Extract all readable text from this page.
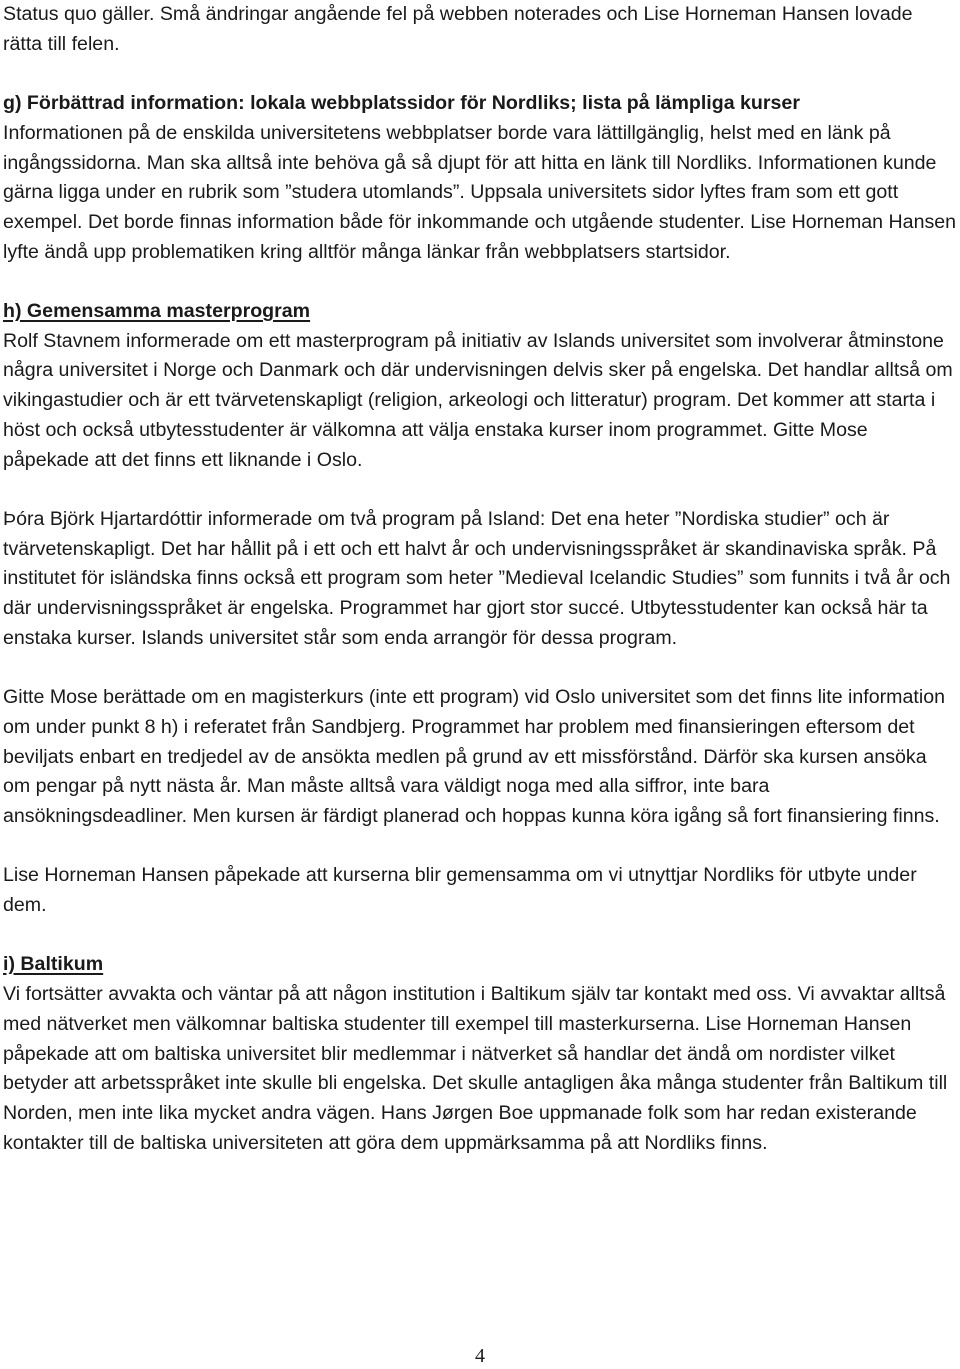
Status quo gäller. Små ändringar angående fel på webben noterades och Lise Horneman Hansen lovade rätta till felen.

g) Förbättrad information: lokala webbplatssidor för Nordliks; lista på lämpliga kurser

Informationen på de enskilda universitetens webbplatser borde vara lättillgänglig, helst med en länk på ingångssidorna. Man ska alltså inte behöva gå så djupt för att hitta en länk till Nordliks. Informationen kunde gärna ligga under en rubrik som ”studera utomlands”. Uppsala universitets sidor lyftes fram som ett gott exempel. Det borde finnas information både för inkommande och utgående studenter. Lise Horneman Hansen lyfte ändå upp problematiken kring alltför många länkar från webbplatsers startsidor.

h) Gemensamma masterprogram

Rolf Stavnem informerade om ett masterprogram på initiativ av Islands universitet som involverar åtminstone några universitet i Norge och Danmark och där undervisningen delvis sker på engelska. Det handlar alltså om vikingastudier och är ett tvärvetenskapligt (religion, arkeologi och litteratur) program. Det kommer att starta i höst och också utbytesstudenter är välkomna att välja enstaka kurser inom programmet. Gitte Mose påpekade att det finns ett liknande i Oslo.

Þóra Björk Hjartardóttir informerade om två program på Island: Det ena heter ”Nordiska studier” och är tvärvetenskapligt. Det har hållit på i ett och ett halvt år och undervisningsspråket är skandinaviska språk. På institutet för isländska finns också ett program som heter ”Medieval Icelandic Studies” som funnits i två år och där undervisningsspråket är engelska. Programmet har gjort stor succé. Utbytesstudenter kan också här ta enstaka kurser. Islands universitet står som enda arrangör för dessa program.

Gitte Mose berättade om en magisterkurs (inte ett program) vid Oslo universitet som det finns lite information om under punkt 8 h) i referatet från Sandbjerg. Programmet har problem med finansieringen eftersom det beviljats enbart en tredjedel av de ansökta medlen på grund av ett missförstånd. Därför ska kursen ansöka om pengar på nytt nästa år. Man måste alltså vara väldigt noga med alla siffror, inte bara ansökningsdeadliner. Men kursen är färdigt planerad och hoppas kunna köra igång så fort finansiering finns.

Lise Horneman Hansen påpekade att kurserna blir gemensamma om vi utnyttjar Nordliks för utbyte under dem.

i) Baltikum

Vi fortsätter avvakta och väntar på att någon institution i Baltikum själv tar kontakt med oss. Vi avvaktar alltså med nätverket men välkomnar baltiska studenter till exempel till masterkurserna. Lise Horneman Hansen påpekade att om baltiska universitet blir medlemmar i nätverket så handlar det ändå om nordister vilket betyder att arbetsspråket inte skulle bli engelska. Det skulle antagligen åka många studenter från Baltikum till Norden, men inte lika mycket andra vägen. Hans Jørgen Boe uppmanade folk som har redan existerande kontakter till de baltiska universiteten att göra dem uppmärksamma på att Nordliks finns.

4
